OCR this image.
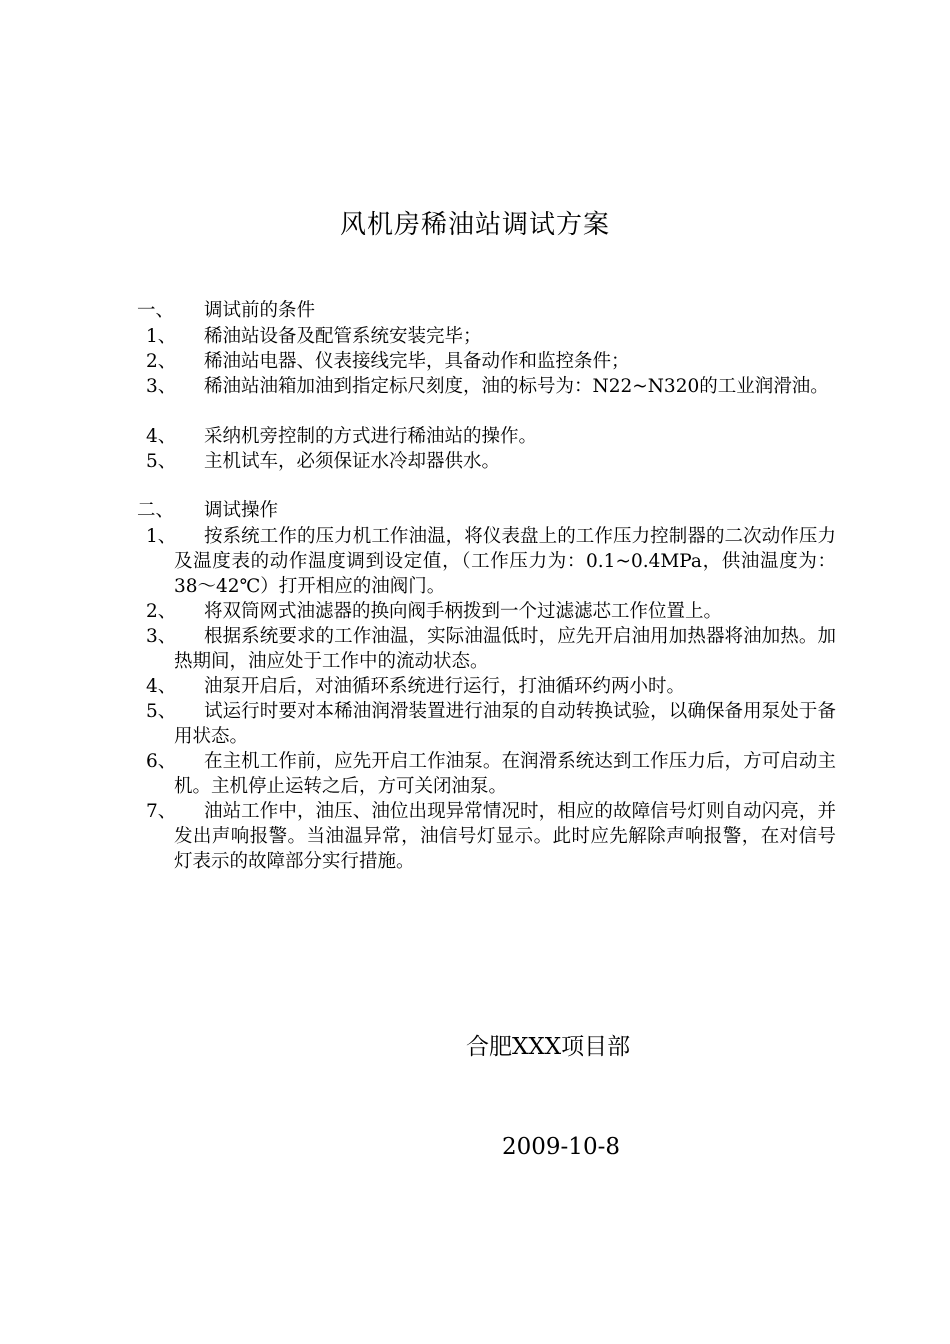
风机房稀油站调试方案
一、 调试前的条件
1、	稀油站设备及配管系统安装完毕；
2、	稀油站电器、仪表接线完毕，具备动作和监控条件；
3、	稀油站油箱加油到指定标尺刻度，油的标号为：N22~N320的工业润滑油。
4、	采纳机旁控制的方式进行稀油站的操作。
5、	主机试车，必须保证水冷却器供水。
二、 调试操作
1、	按系统工作的压力机工作油温，将仪表盘上的工作压力控制器的二次动作压力及温度表的动作温度调到设定值，（工作压力为：0.1~0.4MPa，供油温度为：38～42℃）打开相应的油阀门。
2、	将双筒网式油滤器的换向阀手柄拨到一个过滤滤芯工作位置上。
3、	根据系统要求的工作油温，实际油温低时，应先开启油用加热器将油加热。加热期间，油应处于工作中的流动状态。
4、	油泵开启后，对油循环系统进行运行，打油循环约两小时。
5、	试运行时要对本稀油润滑装置进行油泵的自动转换试验，以确保备用泵处于备用状态。
6、	在主机工作前，应先开启工作油泵。在润滑系统达到工作压力后，方可启动主机。主机停止运转之后，方可关闭油泵。
7、	油站工作中，油压、油位出现异常情况时，相应的故障信号灯则自动闪亮，并发出声响报警。当油温异常，油信号灯显示。此时应先解除声响报警，在对信号灯表示的故障部分实行措施。
合肥XXX项目部
2009-10-8
